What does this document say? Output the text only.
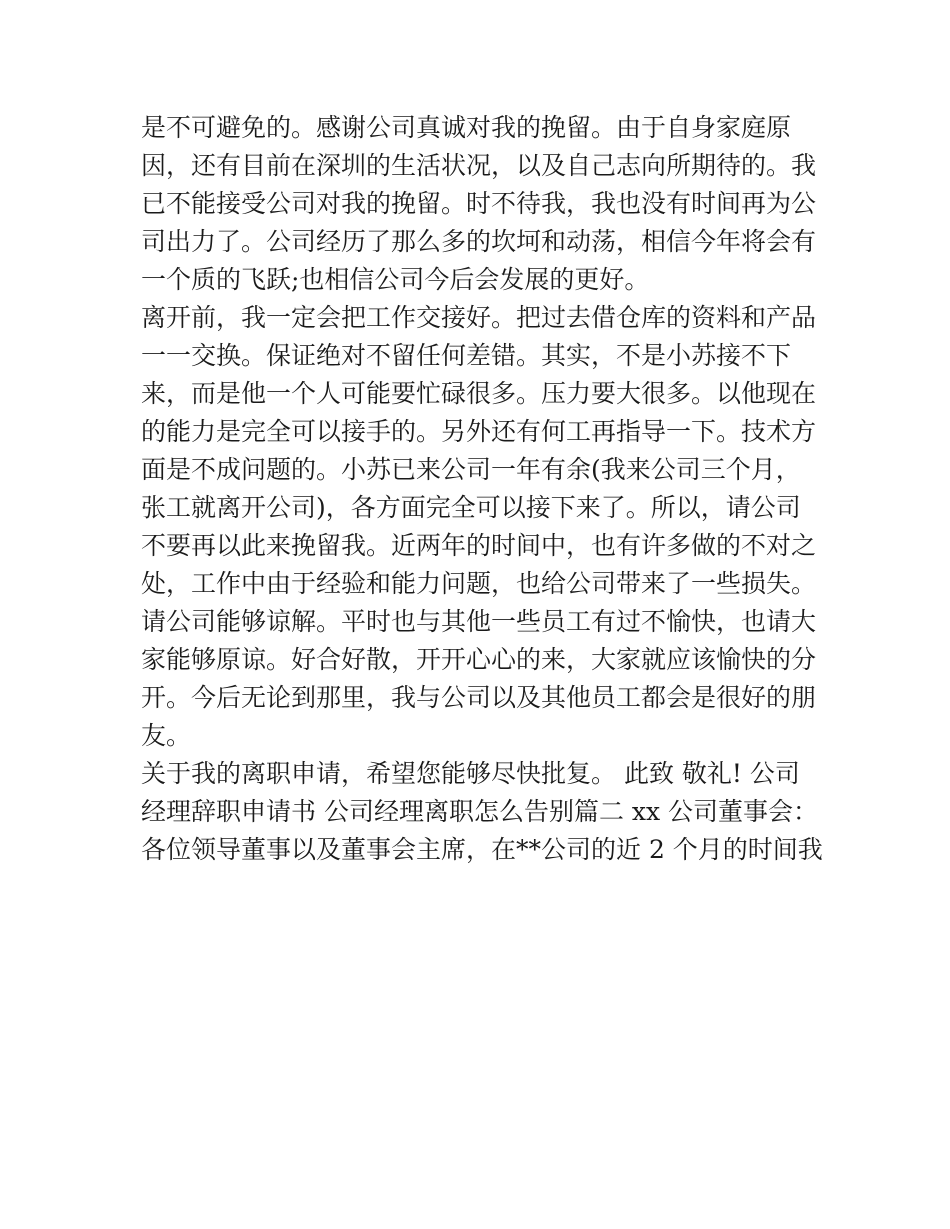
是不可避免的。感谢公司真诚对我的挽留。由于自身家庭原
因，还有目前在深圳的生活状况，以及自己志向所期待的。我
已不能接受公司对我的挽留。时不待我，我也没有时间再为公
司出力了。公司经历了那么多的坎坷和动荡，相信今年将会有
一个质的飞跃;也相信公司今后会发展的更好。
离开前，我一定会把工作交接好。把过去借仓库的资料和产品
一一交换。保证绝对不留任何差错。其实，不是小苏接不下
来，而是他一个人可能要忙碌很多。压力要大很多。以他现在
的能力是完全可以接手的。另外还有何工再指导一下。技术方
面是不成问题的。小苏已来公司一年有余(我来公司三个月，
张工就离开公司)，各方面完全可以接下来了。所以，请公司
不要再以此来挽留我。近两年的时间中，也有许多做的不对之
处，工作中由于经验和能力问题，也给公司带来了一些损失。
请公司能够谅解。平时也与其他一些员工有过不愉快，也请大
家能够原谅。好合好散，开开心心的来，大家就应该愉快的分
开。今后无论到那里，我与公司以及其他员工都会是很好的朋
友。
关于我的离职申请，希望您能够尽快批复。 此致 敬礼! 公司
经理辞职申请书 公司经理离职怎么告别篇二 xx 公司董事会：
各位领导董事以及董事会主席，在**公司的近 2 个月的时间我
